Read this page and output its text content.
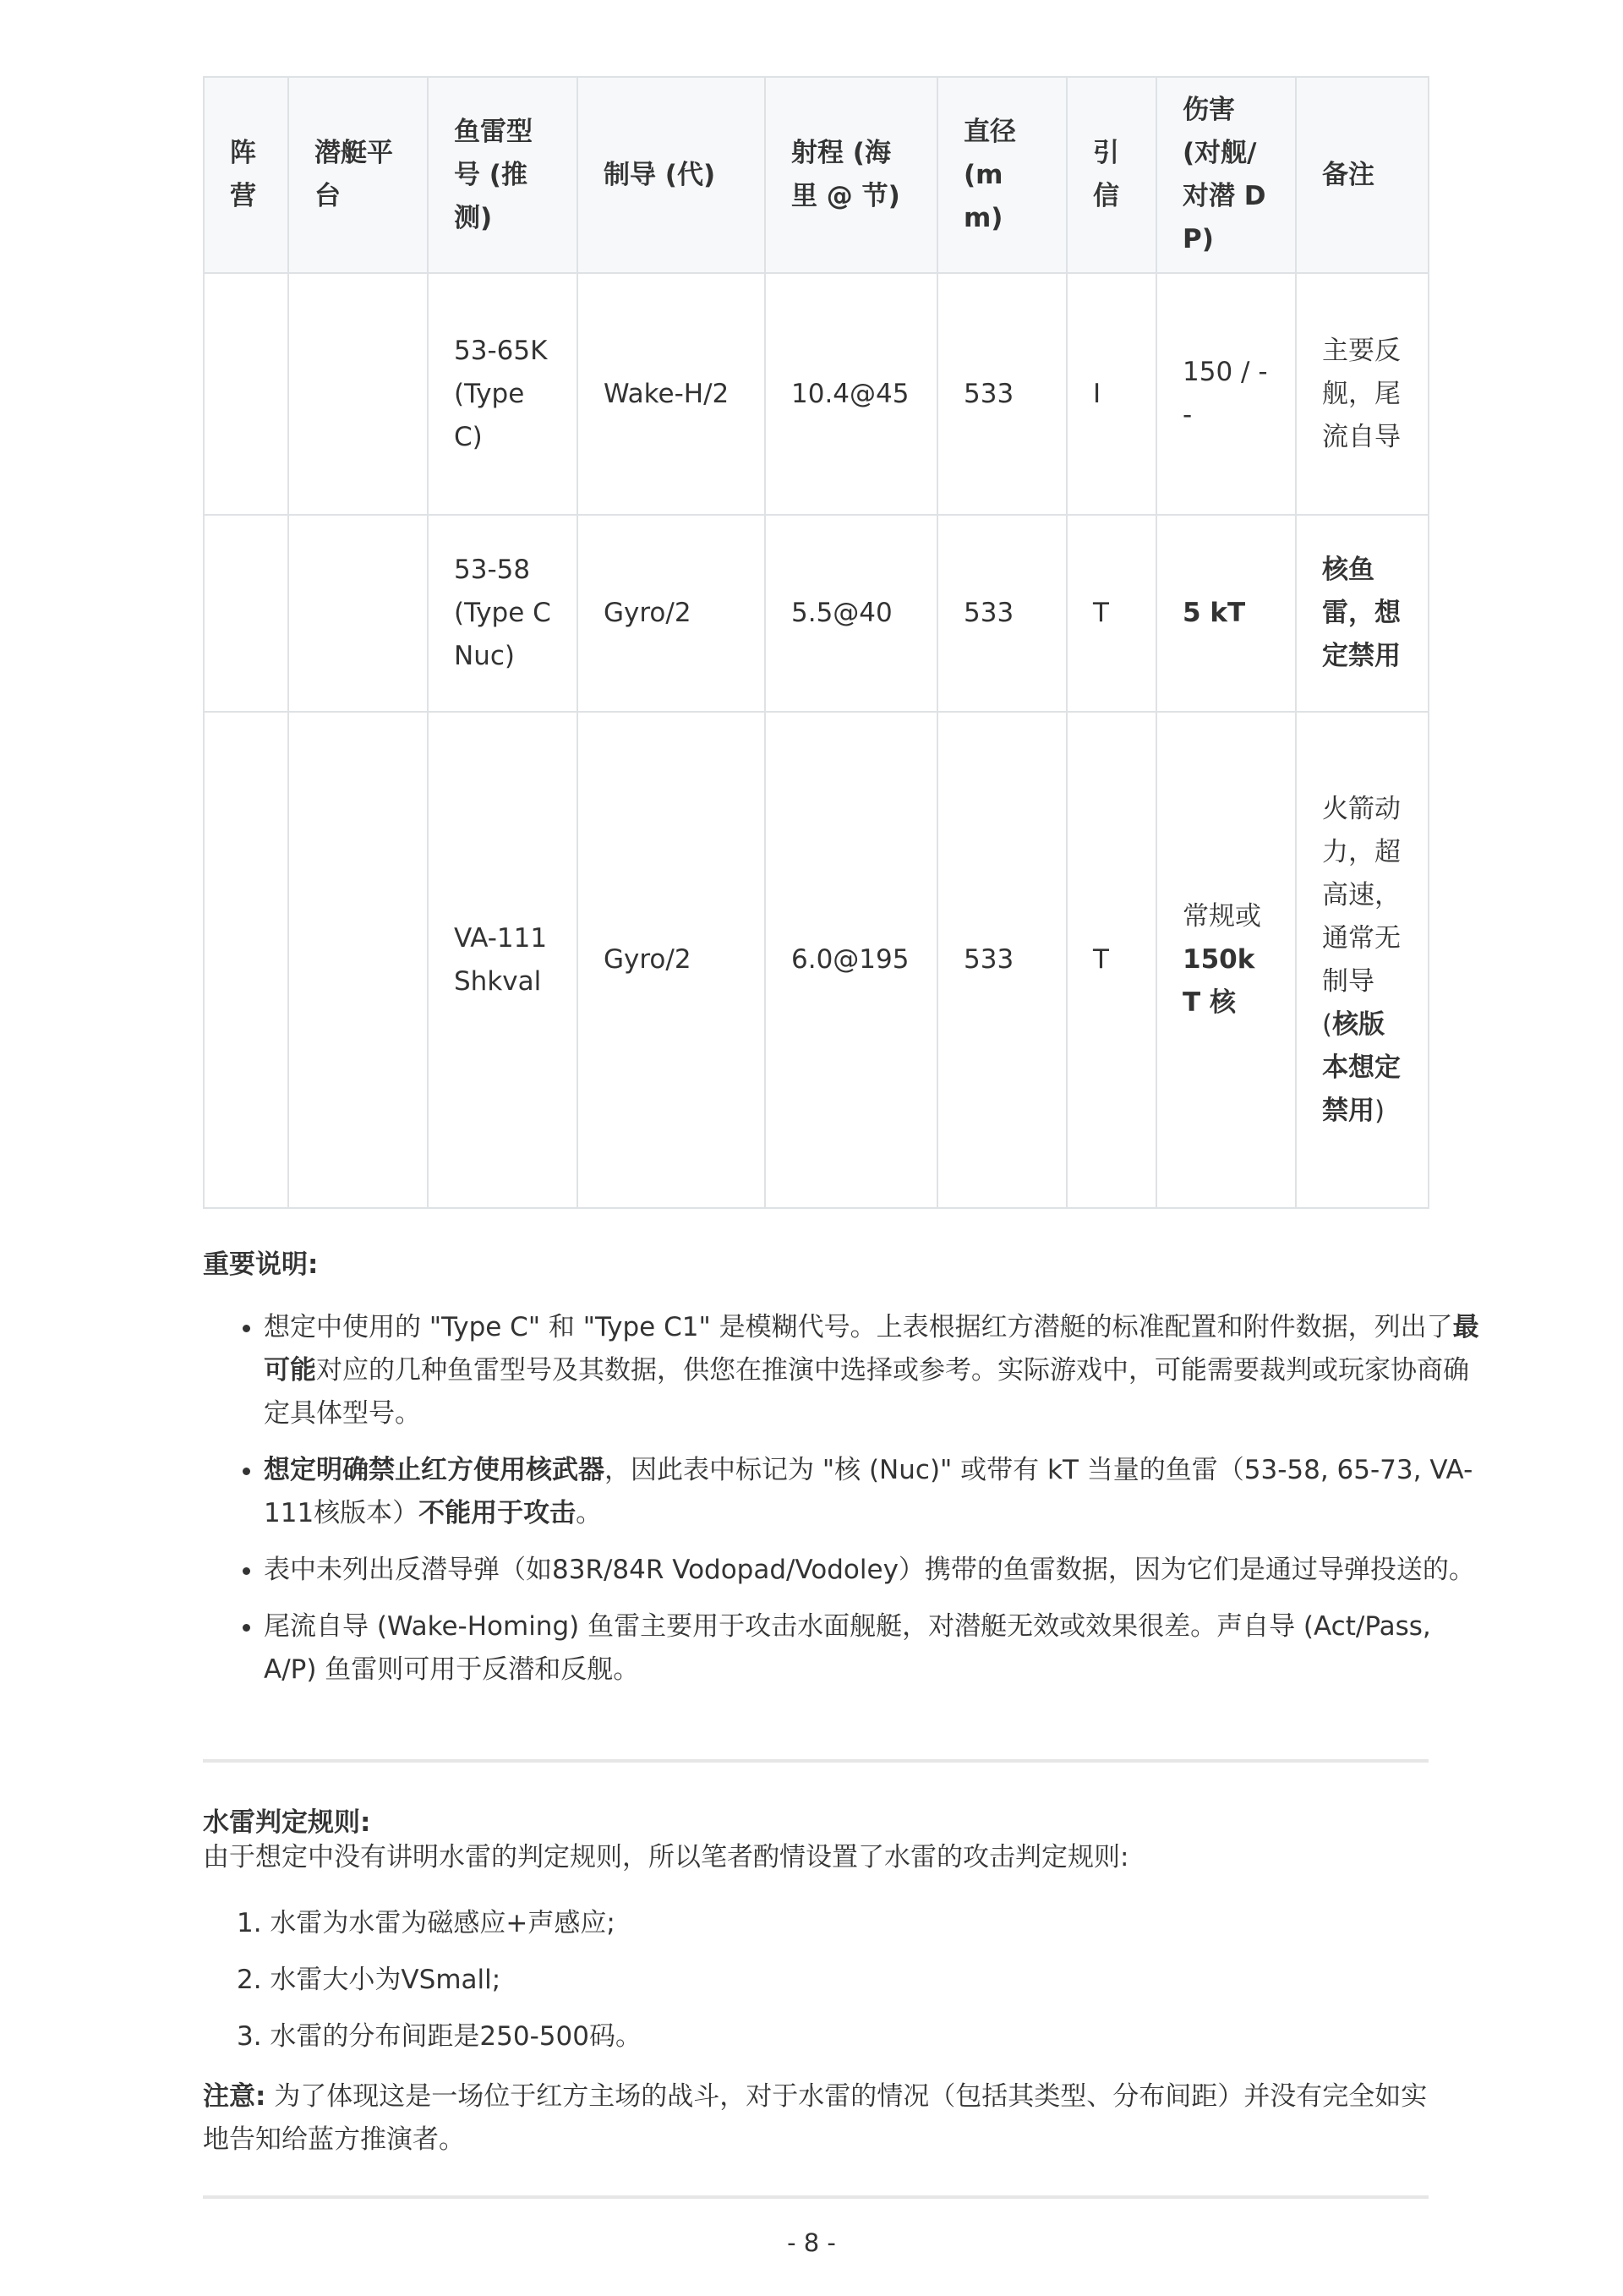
阵营	潜艇平台	鱼雷型号 (推测)	制导 (代)	射程 (海里 @ 节)	直径 (mm)	引信	伤害 (对舰/对潜 DP)	备注
		53-65K (Type C)	Wake-H/2	10.4@45	533	I	150 / --	主要反舰，尾流自导
		53-58 (Type C Nuc)	Gyro/2	5.5@40	533	T	5 kT	核鱼雷，想定禁用
		VA-111 Shkval	Gyro/2	6.0@195	533	T	常规或150kT 核	火箭动力，超高速，通常无制导 (核版本想定禁用)
重要说明:
• 想定中使用的 "Type C" 和 "Type C1" 是模糊代号。上表根据红方潜艇的标准配置和附件数据，列出了最可能对应的几种鱼雷型号及其数据，供您在推演中选择或参考。实际游戏中，可能需要裁判或玩家协商确定具体型号。
• 想定明确禁止红方使用核武器，因此表中标记为 "核 (Nuc)" 或带有 kT 当量的鱼雷（53-58, 65-73, VA-111核版本）不能用于攻击。
• 表中未列出反潜导弹（如83R/84R Vodopad/Vodoley）携带的鱼雷数据，因为它们是通过导弹投送的。
• 尾流自导 (Wake-Homing) 鱼雷主要用于攻击水面舰艇，对潜艇无效或效果很差。声自导 (Act/Pass, A/P) 鱼雷则可用于反潜和反舰。
水雷判定规则:

由于想定中没有讲明水雷的判定规则，所以笔者酌情设置了水雷的攻击判定规则:

1. 水雷为水雷为磁感应+声感应;
2. 水雷大小为VSmall;
3. 水雷的分布间距是250-500码。

注意: 为了体现这是一场位于红方主场的战斗，对于水雷的情况（包括其类型、分布间距）并没有完全如实地告知给蓝方推演者。

- 8 -
